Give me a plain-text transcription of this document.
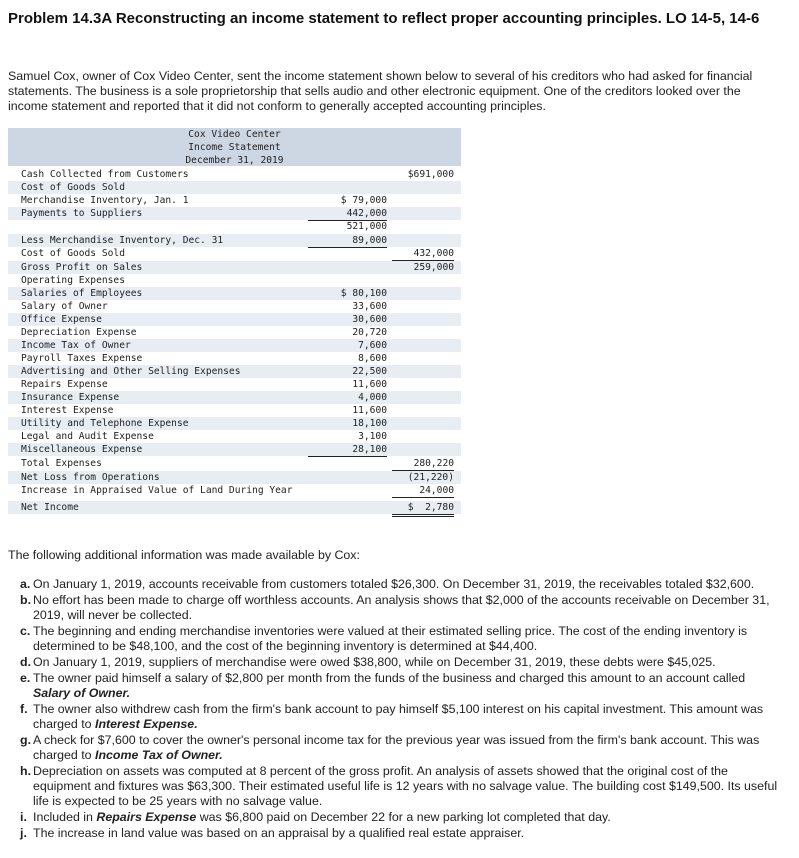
Problem 14.3A Reconstructing an income statement to reflect proper accounting principles. LO 14-5, 14-6

Samuel Cox, owner of Cox Video Center, sent the income statement shown below to several of his creditors who had asked for financial statements. The business is a sole proprietorship that sells audio and other electronic equipment. One of the creditors looked over the income statement and reported that it did not conform to generally accepted accounting principles.

Cox Video Center
Income Statement
December 31, 2019
Cash Collected from Customers	$691,000
Cost of Goods Sold
Merchandise Inventory, Jan. 1	$ 79,000
Payments to Suppliers	442,000
521,000
Less Merchandise Inventory, Dec. 31	89,000
Cost of Goods Sold	432,000
Gross Profit on Sales	259,000
Operating Expenses
Salaries of Employees	$ 80,100
Salary of Owner	33,600
Office Expense	30,600
Depreciation Expense	20,720
Income Tax of Owner	7,600
Payroll Taxes Expense	8,600
Advertising and Other Selling Expenses	22,500
Repairs Expense	11,600
Insurance Expense	4,000
Interest Expense	11,600
Utility and Telephone Expense	18,100
Legal and Audit Expense	3,100
Miscellaneous Expense	28,100
Total Expenses	280,220
Net Loss from Operations	(21,220)
Increase in Appraised Value of Land During Year	24,000
Net Income	$  2,780

The following additional information was made available by Cox:

a. On January 1, 2019, accounts receivable from customers totaled $26,300. On December 31, 2019, the receivables totaled $32,600.
b. No effort has been made to charge off worthless accounts. An analysis shows that $2,000 of the accounts receivable on December 31, 2019, will never be collected.
c. The beginning and ending merchandise inventories were valued at their estimated selling price. The cost of the ending inventory is determined to be $48,100, and the cost of the beginning inventory is determined at $44,400.
d. On January 1, 2019, suppliers of merchandise were owed $38,800, while on December 31, 2019, these debts were $45,025.
e. The owner paid himself a salary of $2,800 per month from the funds of the business and charged this amount to an account called Salary of Owner.
f. The owner also withdrew cash from the firm's bank account to pay himself $5,100 interest on his capital investment. This amount was charged to Interest Expense.
g. A check for $7,600 to cover the owner's personal income tax for the previous year was issued from the firm's bank account. This was charged to Income Tax of Owner.
h. Depreciation on assets was computed at 8 percent of the gross profit. An analysis of assets showed that the original cost of the equipment and fixtures was $63,300. Their estimated useful life is 12 years with no salvage value. The building cost $149,500. Its useful life is expected to be 25 years with no salvage value.
i. Included in Repairs Expense was $6,800 paid on December 22 for a new parking lot completed that day.
j. The increase in land value was based on an appraisal by a qualified real estate appraiser.
